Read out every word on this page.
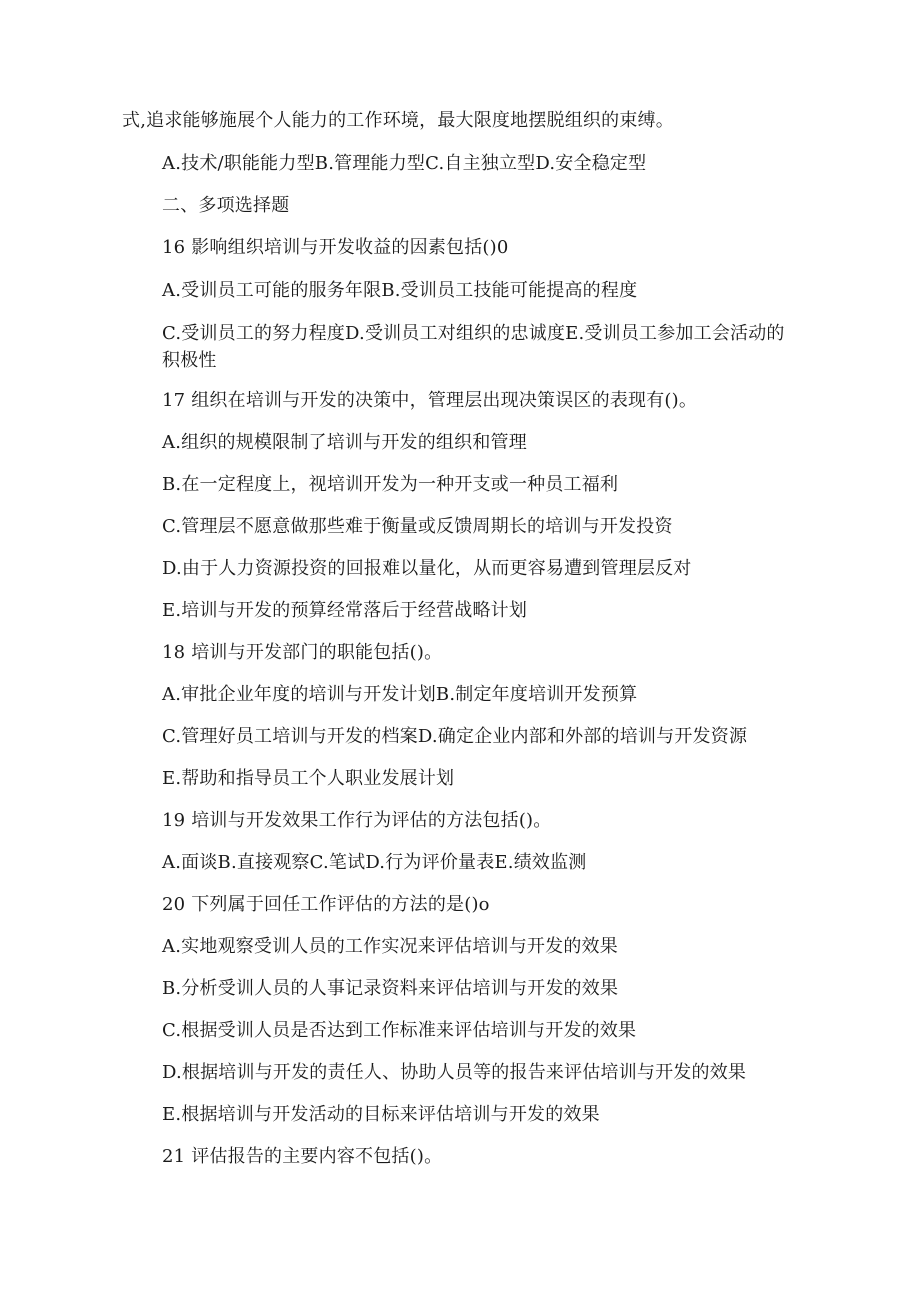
式,追求能够施展个人能力的工作环境，最大限度地摆脱组织的束缚。
A.技术/职能能力型B.管理能力型C.自主独立型D.安全稳定型
二、多项选择题
16 影响组织培训与开发收益的因素包括()0
A.受训员工可能的服务年限B.受训员工技能可能提高的程度
C.受训员工的努力程度D.受训员工对组织的忠诚度E.受训员工参加工会活动的积极性
17 组织在培训与开发的决策中，管理层出现决策误区的表现有()。
A.组织的规模限制了培训与开发的组织和管理
B.在一定程度上，视培训开发为一种开支或一种员工福利
C.管理层不愿意做那些难于衡量或反馈周期长的培训与开发投资
D.由于人力资源投资的回报难以量化，从而更容易遭到管理层反对
E.培训与开发的预算经常落后于经营战略计划
18 培训与开发部门的职能包括()。
A.审批企业年度的培训与开发计划B.制定年度培训开发预算
C.管理好员工培训与开发的档案D.确定企业内部和外部的培训与开发资源
E.帮助和指导员工个人职业发展计划
19 培训与开发效果工作行为评估的方法包括()。
A.面谈B.直接观察C.笔试D.行为评价量表E.绩效监测
20 下列属于回任工作评估的方法的是()o
A.实地观察受训人员的工作实况来评估培训与开发的效果
B.分析受训人员的人事记录资料来评估培训与开发的效果
C.根据受训人员是否达到工作标准来评估培训与开发的效果
D.根据培训与开发的责任人、协助人员等的报告来评估培训与开发的效果
E.根据培训与开发活动的目标来评估培训与开发的效果
21 评估报告的主要内容不包括()。
